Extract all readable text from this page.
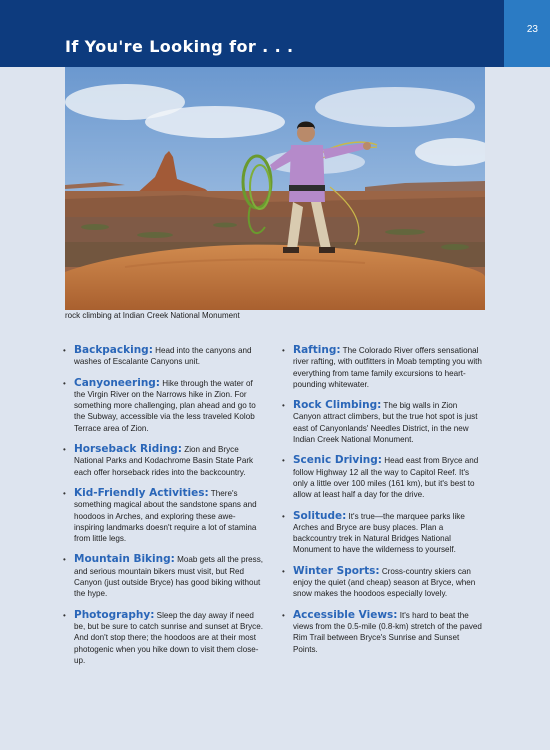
If You're Looking for . . .
23
rock climbing at Indian Creek National Monument
• Backpacking: Head into the canyons and washes of Escalante Canyons unit.
• Canyoneering: Hike through the water of the Virgin River on the Narrows hike in Zion. For something more challenging, plan ahead and go to the Subway, accessible via the less traveled Kolob Terrace area of Zion.
• Horseback Riding: Zion and Bryce National Parks and Kodachrome Basin State Park each offer horseback rides into the backcountry.
• Kid-Friendly Activities: There's something magical about the sandstone spans and hoodoos in Arches, and exploring these awe-inspiring landmarks doesn't require a lot of stamina from little legs.
• Mountain Biking: Moab gets all the press, and serious mountain bikers must visit, but Red Canyon (just outside Bryce) has good biking without the hype.
• Photography: Sleep the day away if need be, but be sure to catch sunrise and sunset at Bryce. And don't stop there; the hoodoos are at their most photogenic when you hike down to visit them close-up.
• Rafting: The Colorado River offers sensational river rafting, with outfitters in Moab tempting you with everything from tame family excursions to heart-pounding whitewater.
• Rock Climbing: The big walls in Zion Canyon attract climbers, but the true hot spot is just east of Canyonlands' Needles District, in the new Indian Creek National Monument.
• Scenic Driving: Head east from Bryce and follow Highway 12 all the way to Capitol Reef. It's only a little over 100 miles (161 km), but it's best to allow at least half a day for the drive.
• Solitude: It's true—the marquee parks like Arches and Bryce are busy places. Plan a backcountry trek in Natural Bridges National Monument to have the wilderness to yourself.
• Winter Sports: Cross-country skiers can enjoy the quiet (and cheap) season at Bryce, when snow makes the hoodoos especially lovely.
• Accessible Views: It's hard to beat the views from the 0.5-mile (0.8-km) stretch of the paved Rim Trail between Bryce's Sunrise and Sunset Points.
